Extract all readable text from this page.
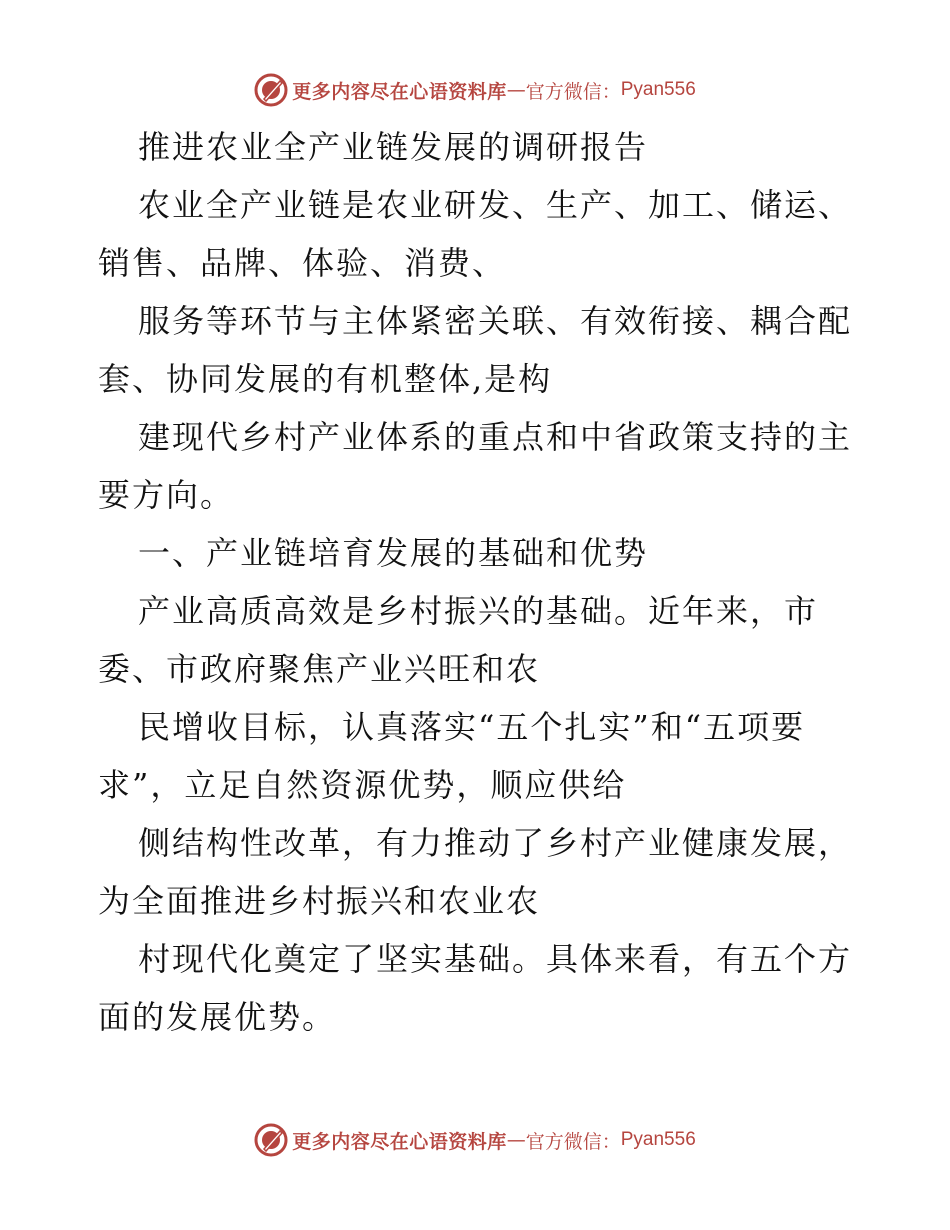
更多内容尽在心语资料库 — 官方微信： Pyan556
推进农业全产业链发展的调研报告
农业全产业链是农业研发、生产、加工、储运、
销售、品牌、体验、消费、
服务等环节与主体紧密关联、有效衔接、耦合配
套、协同发展的有机整体,是构
建现代乡村产业体系的重点和中省政策支持的主
要方向。
一、产业链培育发展的基础和优势
产业高质高效是乡村振兴的基础。近年来，市
委、市政府聚焦产业兴旺和农
民增收目标，认真落实“五个扎实”和“五项要
求”，立足自然资源优势，顺应供给
侧结构性改革，有力推动了乡村产业健康发展，
为全面推进乡村振兴和农业农
村现代化奠定了坚实基础。具体来看，有五个方
面的发展优势。
更多内容尽在心语资料库 — 官方微信： Pyan556
